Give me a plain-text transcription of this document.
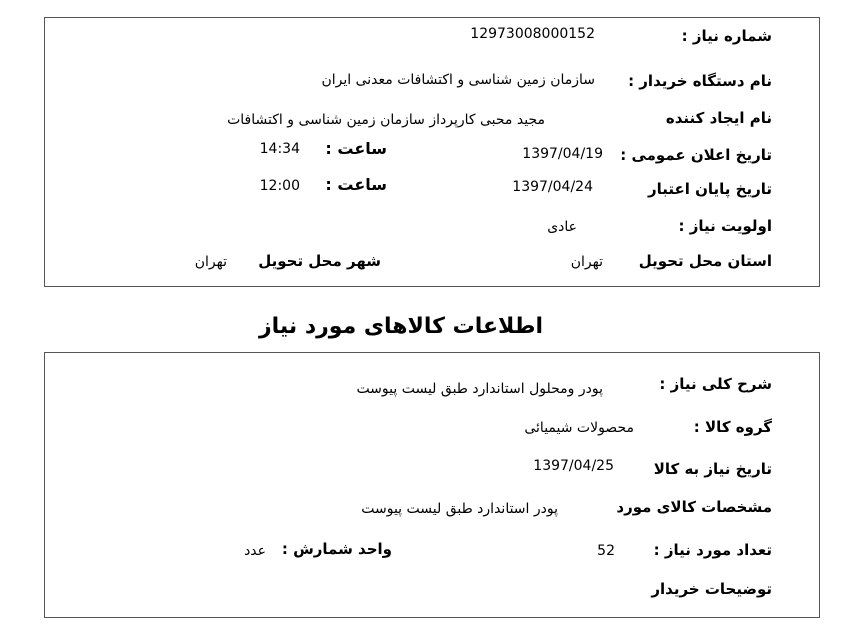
شماره نیاز :
12973008000152
نام دستگاه خریدار :
سازمان زمین شناسی و اکتشافات معدنی ایران
نام ایجاد کننده
مجید محبی کارپرداز سازمان زمین شناسی و اکتشافات
تاریخ اعلان عمومی :
1397/04/19
ساعت :
14:34
تاریخ پایان اعتبار
1397/04/24
ساعت :
12:00
اولویت نیاز :
عادی
استان محل تحویل
تهران
شهر محل تحویل
تهران
اطلاعات کالاهای مورد نیاز
شرح کلی نیاز :
پودر ومحلول استاندارد طبق لیست پیوست
گروه کالا :
محصولات شیمیائی
تاریخ نیاز به کالا
1397/04/25
مشخصات کالای مورد
پودر استاندارد طبق لیست پیوست
تعداد مورد نیاز :
52
واحد شمارش :
عدد
توضیحات خریدار
